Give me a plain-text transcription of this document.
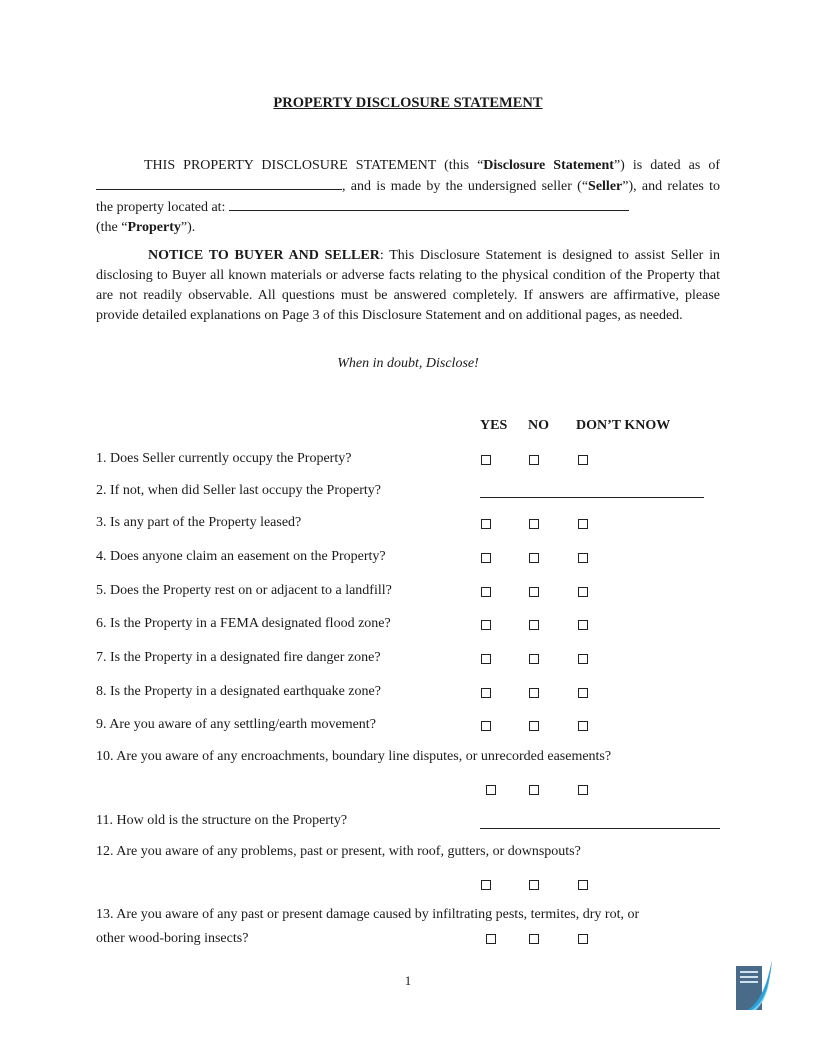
PROPERTY DISCLOSURE STATEMENT
THIS PROPERTY DISCLOSURE STATEMENT (this “Disclosure Statement”) is dated as of , and is made by the undersigned seller (“Seller”), and relates to the property located at:
(the “Property”).
NOTICE TO BUYER AND SELLER: This Disclosure Statement is designed to assist Seller in disclosing to Buyer all known materials or adverse facts relating to the physical condition of the Property that are not readily observable. All questions must be answered completely. If answers are affirmative, please provide detailed explanations on Page 3 of this Disclosure Statement and on additional pages, as needed.
When in doubt, Disclose!
YES NO DON’T KNOW
1. Does Seller currently occupy the Property?
2. If not, when did Seller last occupy the Property?
3. Is any part of the Property leased?
4. Does anyone claim an easement on the Property?
5. Does the Property rest on or adjacent to a landfill?
6. Is the Property in a FEMA designated flood zone?
7. Is the Property in a designated fire danger zone?
8. Is the Property in a designated earthquake zone?
9. Are you aware of any settling/earth movement?
10. Are you aware of any encroachments, boundary line disputes, or unrecorded easements?
11. How old is the structure on the Property?
12. Are you aware of any problems, past or present, with roof, gutters, or downspouts?
13. Are you aware of any past or present damage caused by infiltrating pests, termites, dry rot, or
other wood-boring insects?
1
